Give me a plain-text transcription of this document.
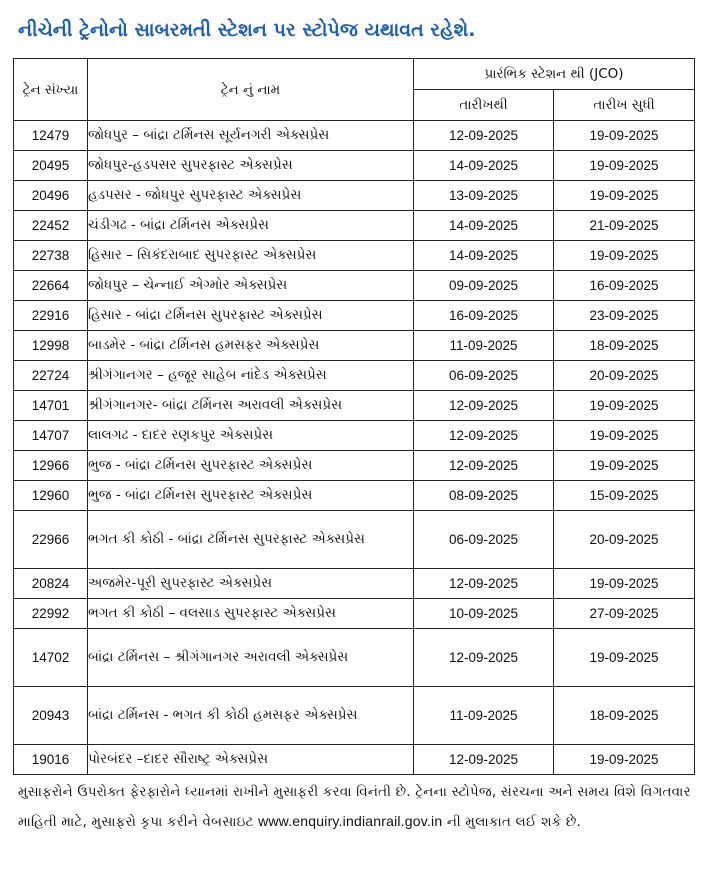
નીચેની ટ્રેનોનો સાબરમતી સ્ટેશન પર સ્ટોપેજ યથાવત રહેશે.
ટ્રેન સંખ્યા	ટ્રેન નું નામ	પ્રારંભિક સ્ટેશન થી (JCO)	
		તારીખથી	તારીખ સુધી
12479	જોધપુર – બાંદ્રા ટર્મિનસ સૂર્યનગરી એક્સપ્રેસ	12-09-2025	19-09-2025
20495	જોધપુર-હડપસર સુપરફાસ્ટ એક્સપ્રેસ	14-09-2025	19-09-2025
20496	હડપસર - જોધપુર સુપરફાસ્ટ એક્સપ્રેસ	13-09-2025	19-09-2025
22452	ચંડીગઢ - બાંદ્રા ટર્મિનસ એક્સપ્રેસ	14-09-2025	21-09-2025
22738	હિસાર – સિકંદરાબાદ સુપરફાસ્ટ એક્સપ્રેસ	14-09-2025	19-09-2025
22664	જોધપુર – ચેન્નાઈ એગ્મોર એક્સપ્રેસ	09-09-2025	16-09-2025
22916	હિસાર - બાંદ્રા ટર્મિનસ સુપરફાસ્ટ એક્સપ્રેસ	16-09-2025	23-09-2025
12998	બાડમેર - બાંદ્રા ટર્મિનસ હમસફર એક્સપ્રેસ	11-09-2025	18-09-2025
22724	શ્રીગંગાનગર – હજૂર સાહેબ નાંદેડ એક્સપ્રેસ	06-09-2025	20-09-2025
14701	શ્રીગંગાનગર- બાંદ્રા ટર્મિનસ અરાવલી એક્સપ્રેસ	12-09-2025	19-09-2025
14707	લાલગઢ - દાદર રણકપુર એક્સપ્રેસ	12-09-2025	19-09-2025
12966	ભુજ - બાંદ્રા ટર્મિનસ સુપરફાસ્ટ એક્સપ્રેસ	12-09-2025	19-09-2025
12960	ભુજ - બાંદ્રા ટર્મિનસ સુપરફાસ્ટ એક્સપ્રેસ	08-09-2025	15-09-2025
22966	ભગત કી કોઠી - બાંદ્રા ટર્મિનસ સુપરફાસ્ટ એક્સપ્રેસ	06-09-2025	20-09-2025
20824	અજમેર-પૂરી સુપરફાસ્ટ એક્સપ્રેસ	12-09-2025	19-09-2025
22992	ભગત કી કોઠી – વલસાડ સુપરફાસ્ટ એક્સપ્રેસ	10-09-2025	27-09-2025
14702	બાંદ્રા ટર્મિનસ – શ્રીગંગાનગર અરાવલી એક્સપ્રેસ	12-09-2025	19-09-2025
20943	બાંદ્રા ટર્મિનસ - ભગત કી કોઠી હમસફર એક્સપ્રેસ	11-09-2025	18-09-2025
19016	પોરબંદર –દાદર સૌરાષ્ટ્ર એક્સપ્રેસ	12-09-2025	19-09-2025
મુસાફરોને ઉપરોક્ત ફેરફારોને ધ્યાનમાં રાખીને મુસાફરી કરવા વિનંતી છે. ટ્રેનના સ્ટોપેજ, સંરચના અને સમય વિશે વિગતવાર માહિતી માટે, મુસાફરો કૃપા કરીને વેબસાઇટ www.enquiry.indianrail.gov.in ની મુલાકાત લઈ શકે છે.
